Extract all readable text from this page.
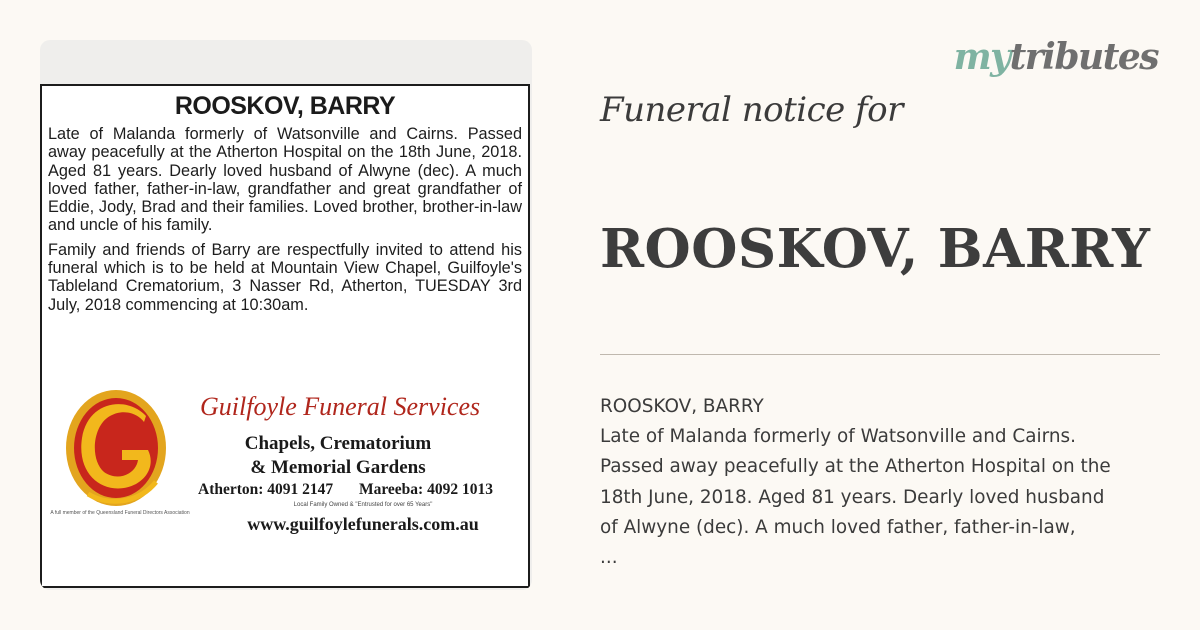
ROOSKOV, BARRY
Late of Malanda formerly of Watsonville and Cairns. Passed away peacefully at the Atherton Hospital on the 18th June, 2018. Aged 81 years. Dearly loved husband of Alwyne (dec). A much loved father, father-in-law, grandfather and great grandfather of Eddie, Jody, Brad and their families. Loved brother, brother-in-law and uncle of his family.
Family and friends of Barry are respectfully invited to attend his funeral which is to be held at Mountain View Chapel, Guilfoyle's Tableland Crematorium, 3 Nasser Rd, Atherton, TUESDAY 3rd July, 2018 commencing at 10:30am.
A full member of the Queensland Funeral Directors Association
Guilfoyle Funeral Services
Chapels, Crematorium
& Memorial Gardens
Atherton: 4091 2147 Mareeba: 4092 1013
Local Family Owned & "Entrusted for over 65 Years"
www.guilfoylefunerals.com.au
mytributes
Funeral notice for
ROOSKOV, BARRY
ROOSKOV, BARRY
Late of Malanda formerly of Watsonville and Cairns.
Passed away peacefully at the Atherton Hospital on the
18th June, 2018. Aged 81 years. Dearly loved husband
of Alwyne (dec). A much loved father, father-in-law,
...
